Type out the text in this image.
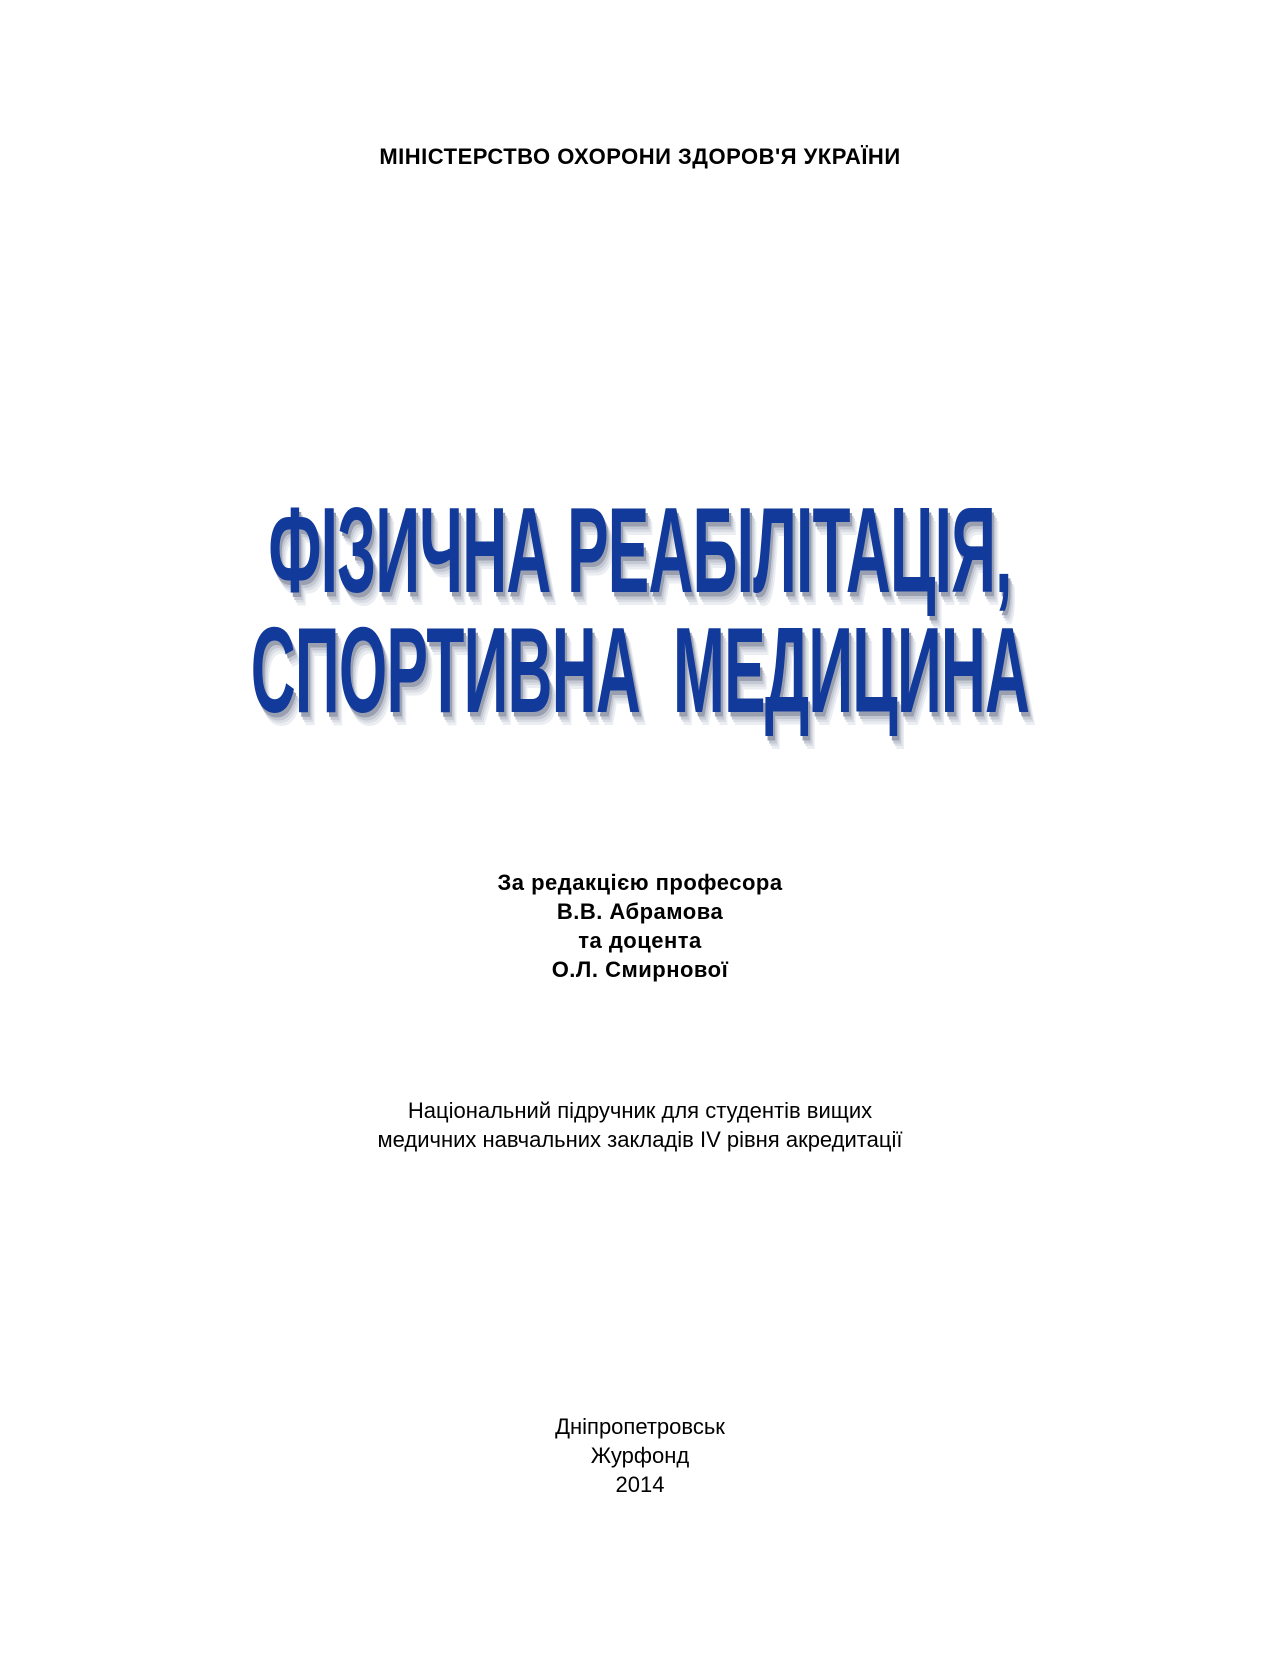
МІНІСТЕРСТВО ОХОРОНИ ЗДОРОВ'Я УКРАЇНИ
ФІЗИЧНА РЕАБІЛІТАЦІЯ,
СПОРТИВНА  МЕДИЦИНА
За редакцією професора
В.В. Абрамова
та доцента
О.Л. Смирнової
Національний підручник для студентів вищих
медичних навчальних закладів IV рівня акредитації
Дніпропетровськ
Журфонд
2014
